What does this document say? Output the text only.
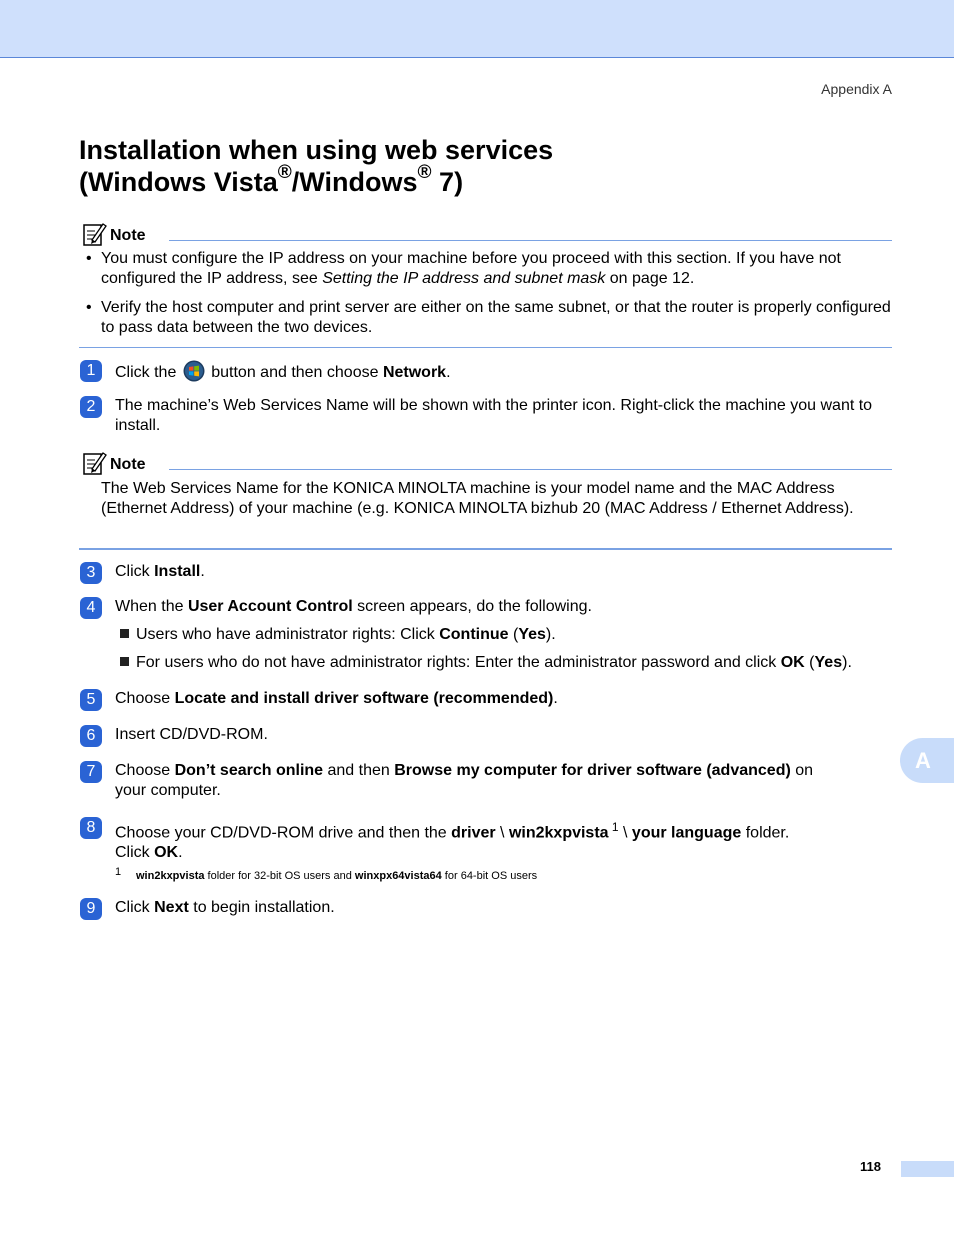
Appendix A
Installation when using web services
(Windows Vista®/Windows® 7)
Note
• You must configure the IP address on your machine before you proceed with this section. If you have not configured the IP address, see Setting the IP address and subnet mask on page 12.
• Verify the host computer and print server are either on the same subnet, or that the router is properly configured to pass data between the two devices.
1	Click the  button and then choose Network.
2	The machine’s Web Services Name will be shown with the printer icon. Right-click the machine you want to install.
Note
The Web Services Name for the KONICA MINOLTA machine is your model name and the MAC Address (Ethernet Address) of your machine (e.g. KONICA MINOLTA bizhub 20 (MAC Address / Ethernet Address).
3	Click Install.
4	When the User Account Control screen appears, do the following.
Users who have administrator rights: Click Continue (Yes).
For users who do not have administrator rights: Enter the administrator password and click OK (Yes).
5	Choose Locate and install driver software (recommended).
6	Insert CD/DVD-ROM.
7	Choose Don’t search online and then Browse my computer for driver software (advanced) on your computer.
8	Choose your CD/DVD-ROM drive and then the driver \ win2kxpvista $^1$ \ your language folder.
Click OK.
1 win2kxpvista folder for 32-bit OS users and winxpx64vista64 for 64-bit OS users
9	Click Next to begin installation.
A
118
